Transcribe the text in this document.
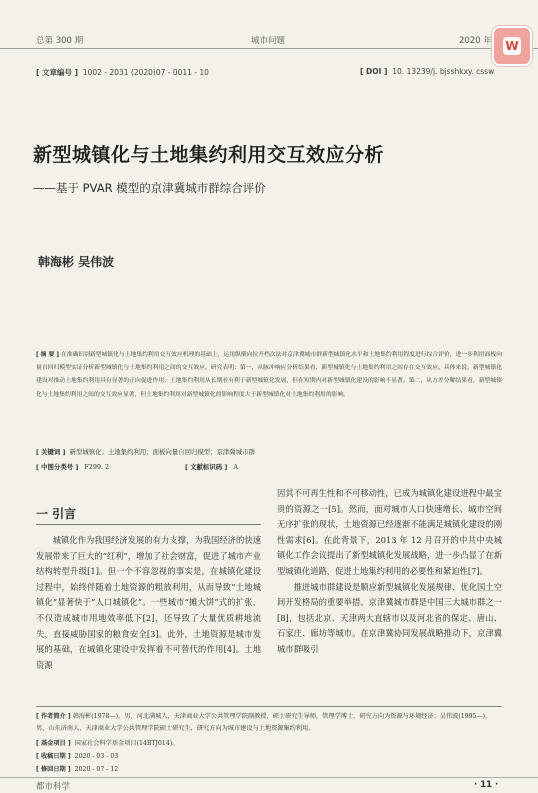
总第 300 期	城市问题	2020 年 W
[ 文章编号 ] 1002 - 2031 (2020)07 - 0011 - 10	[ DOI ] 10. 13239/j. bjsshkxy. cssw
新型城镇化与土地集约利用交互效应分析
——基于 PVAR 模型的京津冀城市群综合评价
韩海彬 吴伟波
[ 摘 要 ] 在准确识别新型城镇化与土地集约利用交互效应机理的基础上，运用纵横向拉开档次法对京津冀城市群新型城镇化水平和土地集约利用程度进行综合评价，进一步利用面板向量自回归模型实证分析新型城镇化与土地集约利用之间的交互效应。研究表明：第一，从脉冲响应分析结果看，新型城镇化与土地集约利用之间存在交互效应。具体来说，新型城镇化建设对推动土地集约利用具有显著的正向促进作用；土地集约利用从长期看有利于新型城镇化发展，但在短期内对新型城镇化建设的影响不显著。第二，从方差分解结果看，新型城镇化与土地集约利用之间的交互效应显著，但土地集约利用对新型城镇化的影响程度大于新型城镇化对土地集约利用的影响。
[ 关键词 ] 新型城镇化；土地集约利用；面板向量自回归模型；京津冀城市群
[ 中图分类号 ] F299. 2	[ 文献标识码 ] A
一 引言

城镇化作为我国经济发展的有力支撑，为我国经济的快速发展带来了巨大的“红利”，增加了社会财富，促进了城市产业结构转型升级[1]。但一个不容忽视的事实是，在城镇化建设过程中，始终伴随着土地资源的粗放利用，从而导致“土地城镇化”显著快于“人口城镇化”。一些城市“摊大饼”式的扩张，不仅造成城市用地效率低下[2]，还导致了大量优质耕地流失，直接威胁国家的粮食安全[3]。此外，土地资源是城市发展的基础，在城镇化建设中发挥着不可替代的作用[4]。土地资源

因其不可再生性和不可移动性，已成为城镇化建设进程中最宝贵的资源之一[5]。然而，面对城市人口快速增长、城市空间无序扩张的现状，土地资源已经逐渐不能满足城镇化建设的刚性需求[6]。在此背景下，2013 年 12 月召开的中共中央城镇化工作会议提出了新型城镇化发展战略，进一步凸显了在新型城镇化道路，促进土地集约利用的必要性和紧迫性[7]。

推进城市群建设是顺应新型城镇化发展规律、优化国土空间开发格局的重要举措。京津冀城市群是中国三大城市群之一[8]，包括北京、天津两大直辖市以及河北省的保定、唐山、石家庄、廊坊等城市。在京津冀协同发展战略推动下，京津冀城市群吸引

[ 作者简介 ] 韩海彬(1978—)，男，河北满城人，天津商业大学公共管理学院副教授，硕士研究生导师，管理学博士，研究方向为资源与环境经济；吴伟波(1995—)，男，山东济南人，天津商业大学公共管理学院硕士研究生，研究方向为城市建设与土地资源集约利用。
[ 基金项目 ] 国家社会科学基金项目(14BTJ014)。
[ 收稿日期 ] 2020 - 03 - 03
[ 修回日期 ] 2020 - 07 - 12
都市科学	· 11 ·
